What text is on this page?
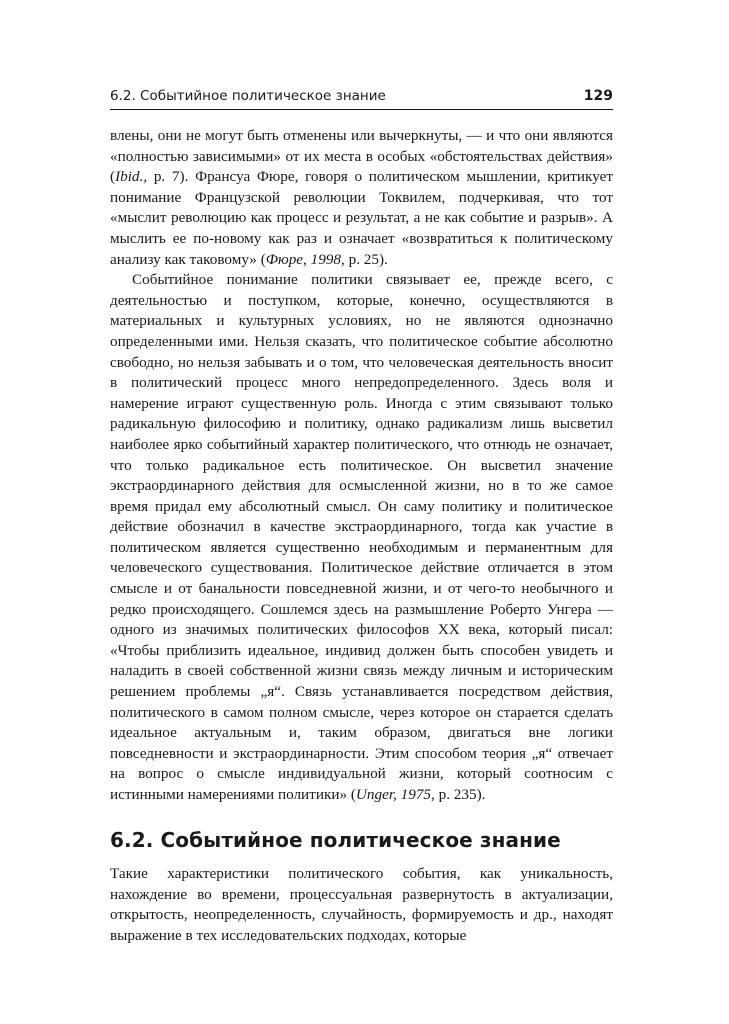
6.2. Событийное политическое знание	129

влены, они не могут быть отменены или вычеркнуты, — и что они являются «полностью зависимыми» от их места в особых «обстоятельствах действия» (Ibid., p. 7). Франсуа Фюре, говоря о политическом мышлении, критикует понимание Французской революции Токвилем, подчеркивая, что тот «мыслит революцию как процесс и результат, а не как событие и разрыв». А мыслить ее по-новому как раз и означает «возвратиться к политическому анализу как таковому» (Фюре, 1998, p. 25).

Событийное понимание политики связывает ее, прежде всего, с деятельностью и поступком, которые, конечно, осуществляются в материальных и культурных условиях, но не являются однозначно определенными ими. Нельзя сказать, что политическое событие абсолютно свободно, но нельзя забывать и о том, что человеческая деятельность вносит в политический процесс много непредопределенного. Здесь воля и намерение играют существенную роль. Иногда с этим связывают только радикальную философию и политику, однако радикализм лишь высветил наиболее ярко событийный характер политического, что отнюдь не означает, что только радикальное есть политическое. Он высветил значение экстраординарного действия для осмысленной жизни, но в то же самое время придал ему абсолютный смысл. Он саму политику и политическое действие обозначил в качестве экстраординарного, тогда как участие в политическом является существенно необходимым и перманентным для человеческого существования. Политическое действие отличается в этом смысле и от банальности повседневной жизни, и от чего-то необычного и редко происходящего. Сошлемся здесь на размышление Роберто Унгера — одного из значимых политических философов XX века, который писал: «Чтобы приблизить идеальное, индивид должен быть способен увидеть и наладить в своей собственной жизни связь между личным и историческим решением проблемы „я“. Связь устанавливается посредством действия, политического в самом полном смысле, через которое он старается сделать идеальное актуальным и, таким образом, двигаться вне логики повседневности и экстраординарности. Этим способом теория „я“ отвечает на вопрос о смысле индивидуальной жизни, который соотносим с истинными намерениями политики» (Unger, 1975, p. 235).

6.2. Событийное политическое знание

Такие характеристики политического события, как уникальность, нахождение во времени, процессуальная развернутость в актуализации, открытость, неопределенность, случайность, формируемость и др., находят выражение в тех исследовательских подходах, которые
